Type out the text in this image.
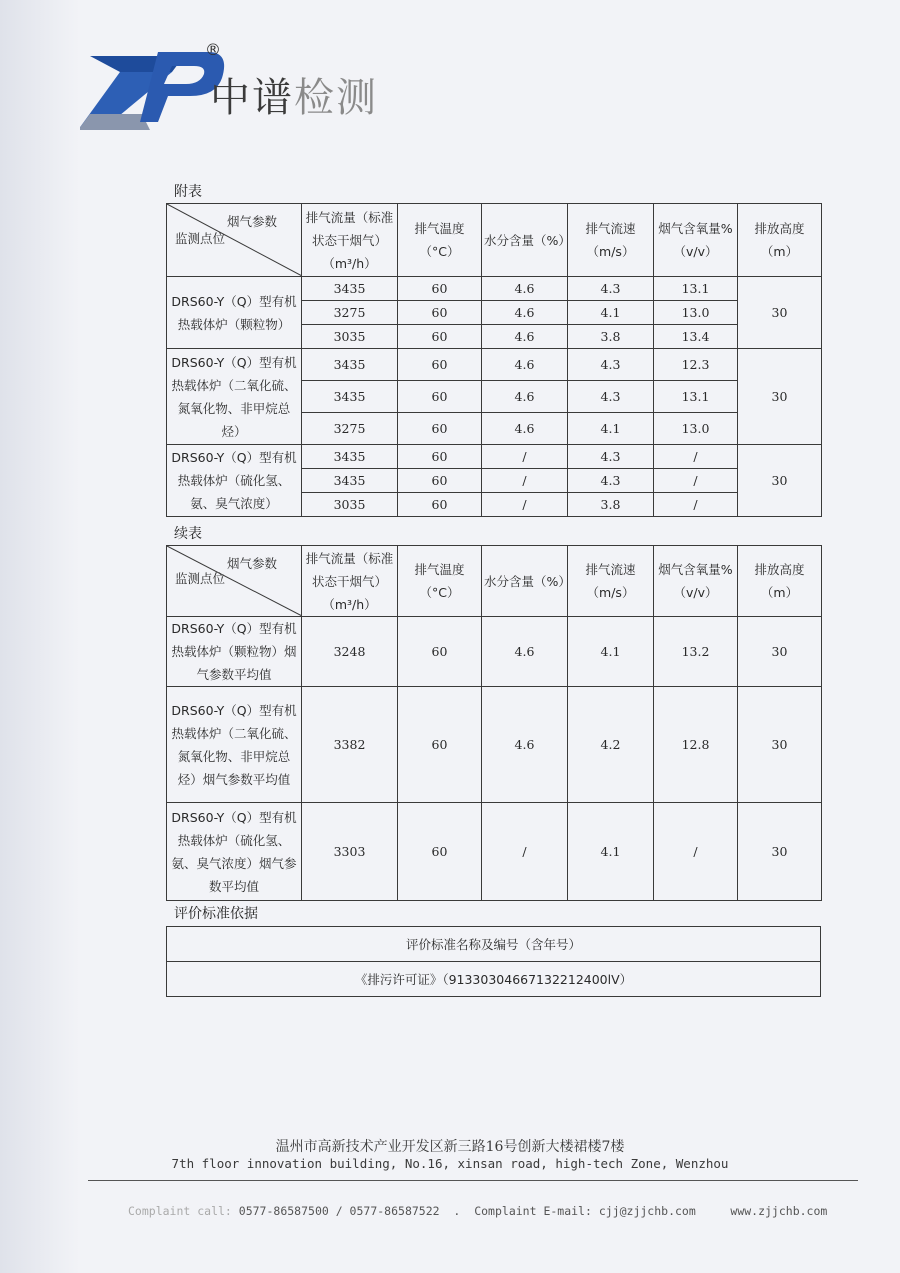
®
中谱检测
附表
烟气参数
监测点位	排气流量（标准状态干烟气）（m³/h）	排气温度（°C）	水分含量（%）	排气流速（m/s）	烟气含氧量%（v/v）	排放高度（m）
DRS60-Y（Q）型有机热载体炉（颗粒物）	3435	60	4.6	4.3	13.1	30
	3275	60	4.6	4.1	13.0	
	3035	60	4.6	3.8	13.4	
DRS60-Y（Q）型有机热载体炉（二氧化硫、氮氧化物、非甲烷总烃）	3435	60	4.6	4.3	12.3	30
	3435	60	4.6	4.3	13.1	
	3275	60	4.6	4.1	13.0	
DRS60-Y（Q）型有机热载体炉（硫化氢、氨、臭气浓度）	3435	60	/	4.3	/	30
	3435	60	/	4.3	/	
	3035	60	/	3.8	/	
续表
烟气参数
监测点位	排气流量（标准状态干烟气）（m³/h）	排气温度（°C）	水分含量（%）	排气流速（m/s）	烟气含氧量%（v/v）	排放高度（m）
DRS60-Y（Q）型有机热载体炉（颗粒物）烟气参数平均值	3248	60	4.6	4.1	13.2	30
DRS60-Y（Q）型有机热载体炉（二氧化硫、氮氧化物、非甲烷总烃）烟气参数平均值	3382	60	4.6	4.2	12.8	30
DRS60-Y（Q）型有机热载体炉（硫化氢、氨、臭气浓度）烟气参数平均值	3303	60	/	4.1	/	30
评价标准依据
评价标准名称及编号（含年号）
《排污许可证》（91330304667132212400lV）
温州市高新技术产业开发区新三路16号创新大楼裙楼7楼
7th floor innovation building, No.16, xinsan road, high-tech Zone, Wenzhou
Complaint call: 0577-86587500 / 0577-86587522  .  Complaint E-mail: cjj@zjjchb.com	www.zjjchb.com
